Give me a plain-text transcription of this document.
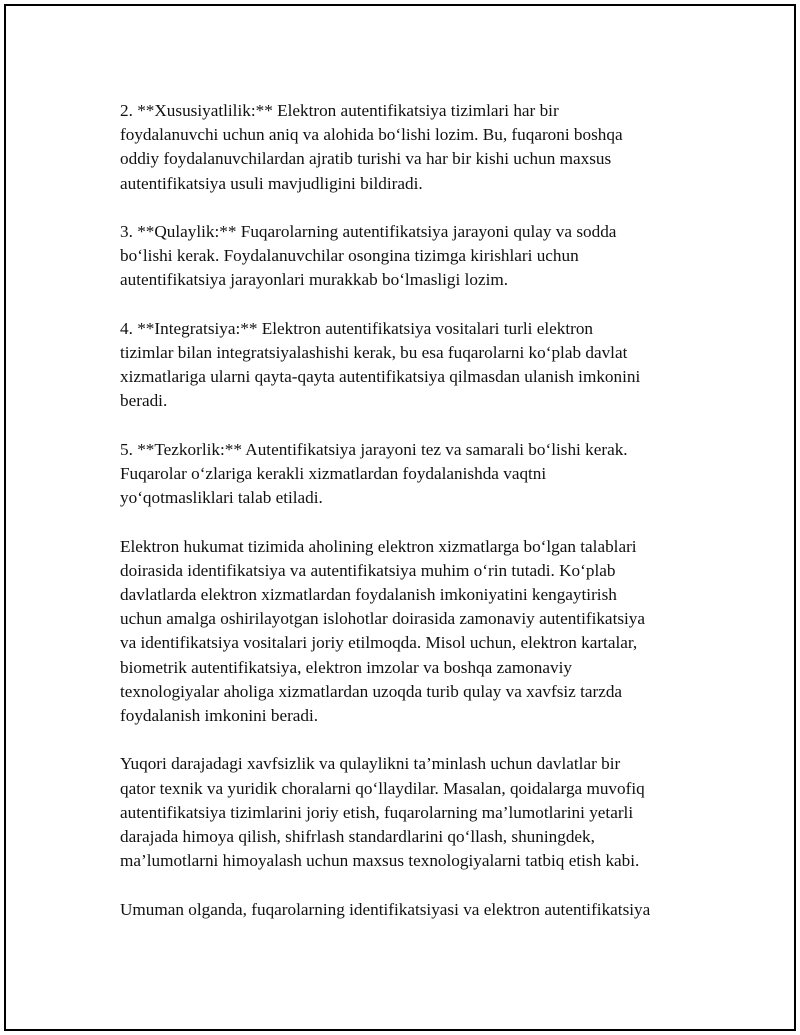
2. **Xususiyatlilik:** Elektron autentifikatsiya tizimlari har bir
foydalanuvchi uchun aniq va alohida bo‘lishi lozim. Bu, fuqaroni boshqa
oddiy foydalanuvchilardan ajratib turishi va har bir kishi uchun maxsus
autentifikatsiya usuli mavjudligini bildiradi.

3. **Qulaylik:** Fuqarolarning autentifikatsiya jarayoni qulay va sodda
bo‘lishi kerak. Foydalanuvchilar osongina tizimga kirishlari uchun
autentifikatsiya jarayonlari murakkab bo‘lmasligi lozim.

4. **Integratsiya:** Elektron autentifikatsiya vositalari turli elektron
tizimlar bilan integratsiyalashishi kerak, bu esa fuqarolarni ko‘plab davlat
xizmatlariga ularni qayta-qayta autentifikatsiya qilmasdan ulanish imkonini
beradi.

5. **Tezkorlik:** Autentifikatsiya jarayoni tez va samarali bo‘lishi kerak.
Fuqarolar o‘zlariga kerakli xizmatlardan foydalanishda vaqtni
yo‘qotmasliklari talab etiladi.

Elektron hukumat tizimida aholining elektron xizmatlarga bo‘lgan talablari
doirasida identifikatsiya va autentifikatsiya muhim o‘rin tutadi. Ko‘plab
davlatlarda elektron xizmatlardan foydalanish imkoniyatini kengaytirish
uchun amalga oshirilayotgan islohotlar doirasida zamonaviy autentifikatsiya
va identifikatsiya vositalari joriy etilmoqda. Misol uchun, elektron kartalar,
biometrik autentifikatsiya, elektron imzolar va boshqa zamonaviy
texnologiyalar aholiga xizmatlardan uzoqda turib qulay va xavfsiz tarzda
foydalanish imkonini beradi.

Yuqori darajadagi xavfsizlik va qulaylikni ta’minlash uchun davlatlar bir
qator texnik va yuridik choralarni qo‘llaydilar. Masalan, qoidalarga muvofiq
autentifikatsiya tizimlarini joriy etish, fuqarolarning ma’lumotlarini yetarli
darajada himoya qilish, shifrlash standardlarini qo‘llash, shuningdek,
ma’lumotlarni himoyalash uchun maxsus texnologiyalarni tatbiq etish kabi.

Umuman olganda, fuqarolarning identifikatsiyasi va elektron autentifikatsiya
